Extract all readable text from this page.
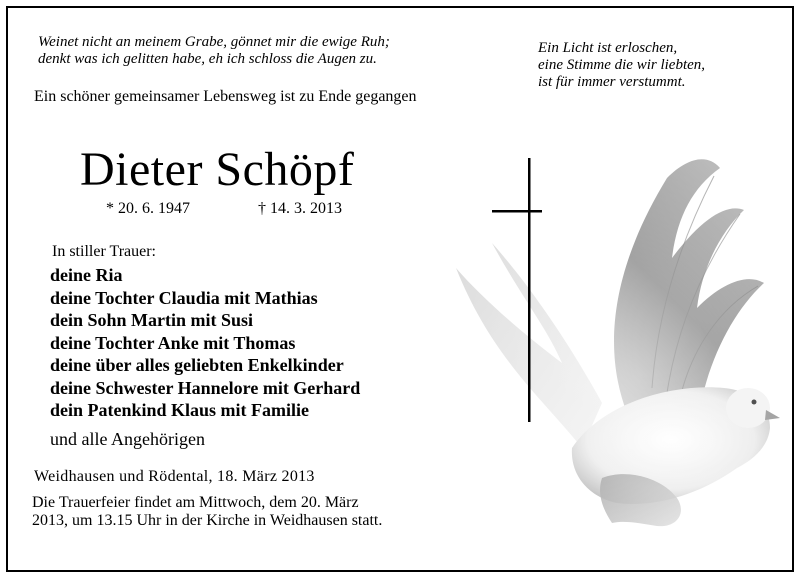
Weinet nicht an meinem Grabe, gönnet mir die ewige Ruh;
denkt was ich gelitten habe, eh ich schloss die Augen zu.
Ein Licht ist erloschen,
eine Stimme die wir liebten,
ist für immer verstummt.
Ein schöner gemeinsamer Lebensweg ist zu Ende gegangen
Dieter Schöpf
* 20. 6. 1947	† 14. 3. 2013
In stiller Trauer:
deine Ria
deine Tochter Claudia mit Mathias
dein Sohn Martin mit Susi
deine Tochter Anke mit Thomas
deine über alles geliebten Enkelkinder
deine Schwester Hannelore mit Gerhard
dein Patenkind Klaus mit Familie
und alle Angehörigen
Weidhausen und Rödental, 18. März 2013
Die Trauerfeier findet am Mittwoch, dem 20. März 2013, um 13.15 Uhr in der Kirche in Weidhausen statt.
